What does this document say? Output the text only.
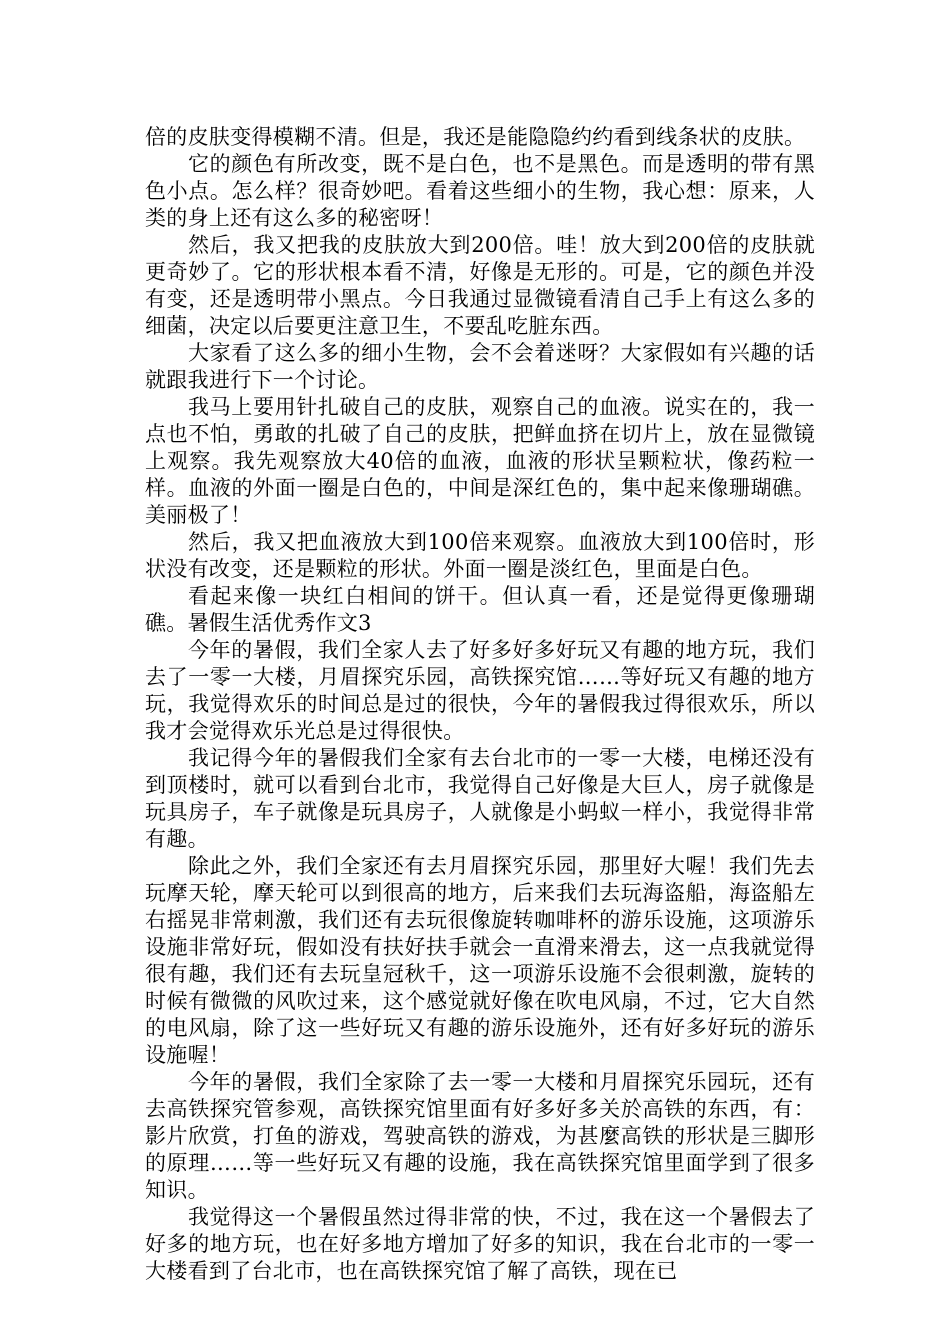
倍的皮肤变得模糊不清。但是，我还是能隐隐约约看到线条状的皮肤。

它的颜色有所改变，既不是白色，也不是黑色。而是透明的带有黑色小点。怎么样？很奇妙吧。看着这些细小的生物，我心想：原来，人类的身上还有这么多的秘密呀！

然后，我又把我的皮肤放大到200倍。哇！放大到200倍的皮肤就更奇妙了。它的形状根本看不清，好像是无形的。可是，它的颜色并没有变，还是透明带小黑点。今日我通过显微镜看清自己手上有这么多的细菌，决定以后要更注意卫生，不要乱吃脏东西。

大家看了这么多的细小生物，会不会着迷呀？大家假如有兴趣的话就跟我进行下一个讨论。

我马上要用针扎破自己的皮肤，观察自己的血液。说实在的，我一点也不怕，勇敢的扎破了自己的皮肤，把鲜血挤在切片上，放在显微镜上观察。我先观察放大40倍的血液，血液的形状呈颗粒状，像药粒一样。血液的外面一圈是白色的，中间是深红色的，集中起来像珊瑚礁。美丽极了！

然后，我又把血液放大到100倍来观察。血液放大到100倍时，形状没有改变，还是颗粒的形状。外面一圈是淡红色，里面是白色。

看起来像一块红白相间的饼干。但认真一看，还是觉得更像珊瑚礁。暑假生活优秀作文3

今年的暑假，我们全家人去了好多好多好玩又有趣的地方玩，我们去了一零一大楼，月眉探究乐园，高铁探究馆……等好玩又有趣的地方玩，我觉得欢乐的时间总是过的很快，今年的暑假我过得很欢乐，所以我才会觉得欢乐光总是过得很快。

我记得今年的暑假我们全家有去台北市的一零一大楼，电梯还没有到顶楼时，就可以看到台北市，我觉得自己好像是大巨人，房子就像是玩具房子，车子就像是玩具房子，人就像是小蚂蚁一样小，我觉得非常有趣。

除此之外，我们全家还有去月眉探究乐园，那里好大喔！我们先去玩摩天轮，摩天轮可以到很高的地方，后来我们去玩海盗船，海盗船左右摇晃非常刺激，我们还有去玩很像旋转咖啡杯的游乐设施，这项游乐设施非常好玩，假如没有扶好扶手就会一直滑来滑去，这一点我就觉得很有趣，我们还有去玩皇冠秋千，这一项游乐设施不会很刺激，旋转的时候有微微的风吹过来，这个感觉就好像在吹电风扇，不过，它大自然的电风扇，除了这一些好玩又有趣的游乐设施外，还有好多好玩的游乐设施喔！

今年的暑假，我们全家除了去一零一大楼和月眉探究乐园玩，还有去高铁探究管参观，高铁探究馆里面有好多好多关於高铁的东西，有：影片欣赏，打鱼的游戏，驾驶高铁的游戏，为甚麼高铁的形状是三脚形的原理……等一些好玩又有趣的设施，我在高铁探究馆里面学到了很多知识。

我觉得这一个暑假虽然过得非常的快，不过，我在这一个暑假去了好多的地方玩，也在好多地方增加了好多的知识，我在台北市的一零一大楼看到了台北市，也在高铁探究馆了解了高铁，现在已
